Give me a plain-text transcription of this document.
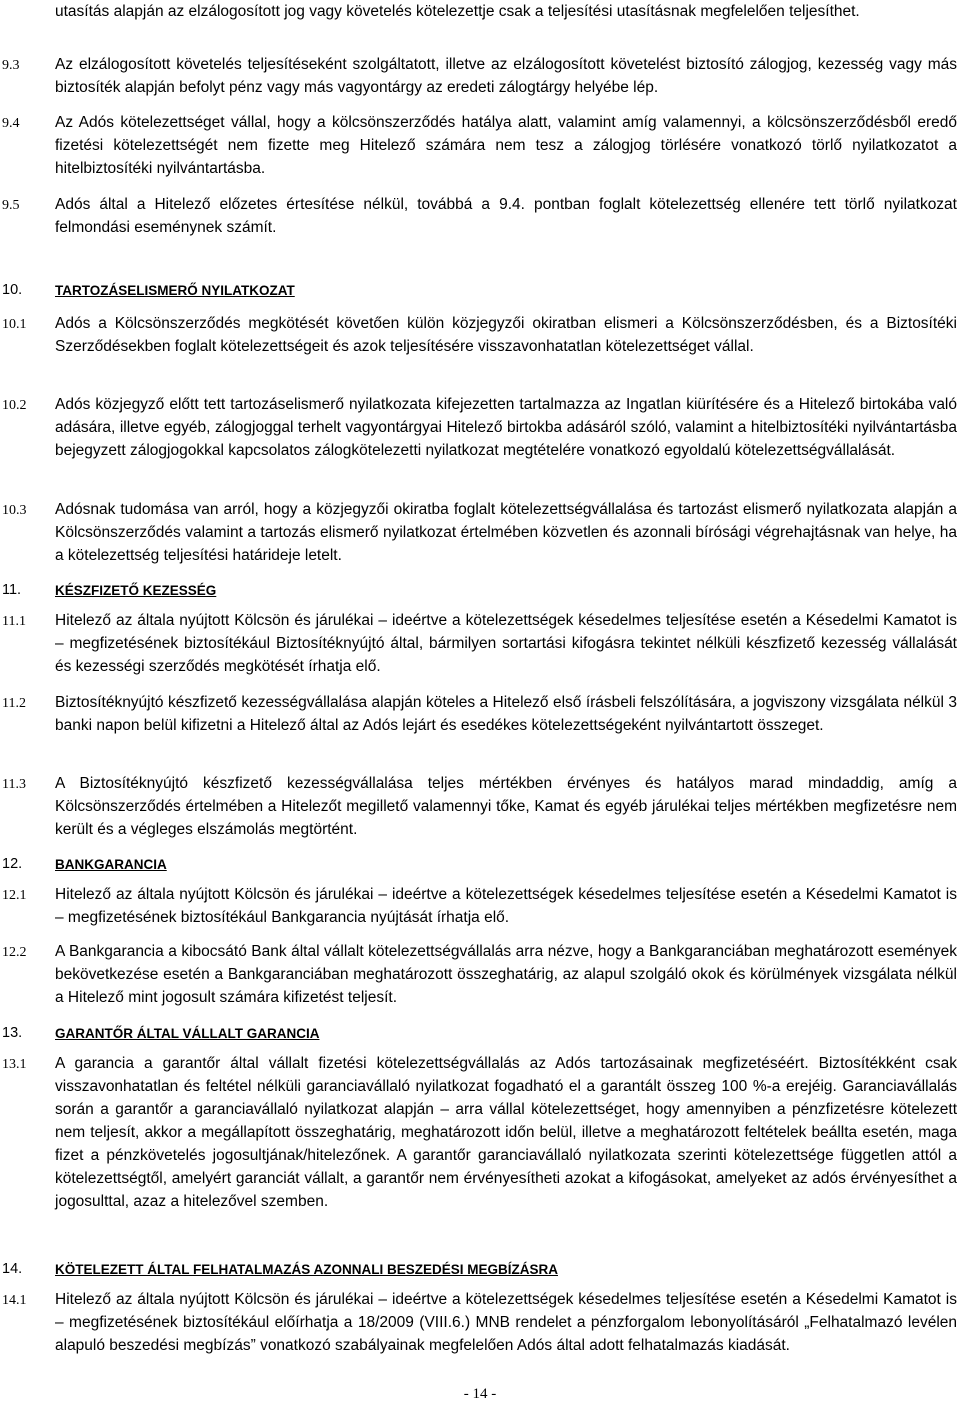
utasítás alapján az elzálogosított jog vagy követelés kötelezettje csak a teljesítési utasításnak megfelelően teljesíthet.
9.3	Az elzálogosított követelés teljesítéseként szolgáltatott, illetve az elzálogosított követelést biztosító zálogjog, kezesség vagy más biztosíték alapján befolyt pénz vagy más vagyontárgy az eredeti zálogtárgy helyébe lép.
9.4	Az Adós kötelezettséget vállal, hogy a kölcsönszerződés hatálya alatt, valamint amíg valamennyi, a kölcsönszerződésből eredő fizetési kötelezettségét nem fizette meg Hitelező számára nem tesz a zálogjog törlésére vonatkozó törlő nyilatkozatot a hitelbiztosítéki nyilvántartásba.
9.5	Adós által a Hitelező előzetes értesítése nélkül, továbbá a 9.4. pontban foglalt kötelezettség ellenére tett törlő nyilatkozat felmondási eseménynek számít.
10.	TARTOZÁSELISMERŐ NYILATKOZAT
10.1	Adós a Kölcsönszerződés megkötését követően külön közjegyzői okiratban elismeri a Kölcsönszerződésben, és a Biztosítéki Szerződésekben foglalt kötelezettségeit és azok teljesítésére visszavonhatatlan kötelezettséget vállal.
10.2	Adós közjegyző előtt tett tartozáselismerő nyilatkozata kifejezetten tartalmazza az Ingatlan kiürítésére és a Hitelező birtokába való adására, illetve egyéb, zálogjoggal terhelt vagyontárgyai Hitelező birtokba adásáról szóló, valamint a hitelbiztosítéki nyilvántartásba bejegyzett zálogjogokkal kapcsolatos zálogkötelezetti nyilatkozat megtételére vonatkozó egyoldalú kötelezettségvállalását.
10.3	Adósnak tudomása van arról, hogy a közjegyzői okiratba foglalt kötelezettségvállalása és tartozást elismerő nyilatkozata alapján a Kölcsönszerződés valamint a tartozás elismerő nyilatkozat értelmében közvetlen és azonnali bírósági végrehajtásnak van helye, ha a kötelezettség teljesítési határideje letelt.
11.	KÉSZFIZETŐ KEZESSÉG
11.1	Hitelező az általa nyújtott Kölcsön és járulékai – ideértve a kötelezettségek késedelmes teljesítése esetén a Késedelmi Kamatot is – megfizetésének biztosítékául Biztosítéknyújtó által, bármilyen sortartási kifogásra tekintet nélküli készfizető kezesség vállalását és kezességi szerződés megkötését írhatja elő.
11.2	Biztosítéknyújtó készfizető kezességvállalása alapján köteles a Hitelező első írásbeli felszólítására, a jogviszony vizsgálata nélkül 3 banki napon belül kifizetni a Hitelező által az Adós lejárt és esedékes kötelezettségeként nyilvántartott összeget.
11.3	A Biztosítéknyújtó készfizető kezességvállalása teljes mértékben érvényes és hatályos marad mindaddig, amíg a Kölcsönszerződés értelmében a Hitelezőt megillető valamennyi tőke, Kamat és egyéb járulékai teljes mértékben megfizetésre nem került és a végleges elszámolás megtörtént.
12.	BANKGARANCIA
12.1	Hitelező az általa nyújtott Kölcsön és járulékai – ideértve a kötelezettségek késedelmes teljesítése esetén a Késedelmi Kamatot is – megfizetésének biztosítékául Bankgarancia nyújtását írhatja elő.
12.2	A Bankgarancia a kibocsátó Bank által vállalt kötelezettségvállalás arra nézve, hogy a Bankgaranciában meghatározott események bekövetkezése esetén a Bankgaranciában meghatározott összeghatárig, az alapul szolgáló okok és körülmények vizsgálata nélkül a Hitelező mint jogosult számára kifizetést teljesít.
13.	GARANTŐR ÁLTAL VÁLLALT GARANCIA
13.1	A garancia a garantőr által vállalt fizetési kötelezettségvállalás az Adós tartozásainak megfizetéséért. Biztosítékként csak visszavonhatatlan és feltétel nélküli garanciavállaló nyilatkozat fogadható el a garantált összeg 100 %-a erejéig. Garanciavállalás során a garantőr a garanciavállaló nyilatkozat alapján – arra vállal kötelezettséget, hogy amennyiben a pénzfizetésre kötelezett nem teljesít, akkor a megállapított összeghatárig, meghatározott időn belül, illetve a meghatározott feltételek beállta esetén, maga fizet a pénzkövetelés jogosultjának/hitelezőnek. A garantőr garanciavállaló nyilatkozata szerinti kötelezettsége független attól a kötelezettségtől, amelyért garanciát vállalt, a garantőr nem érvényesítheti azokat a kifogásokat, amelyeket az adós érvényesíthet a jogosulttal, azaz a hitelezővel szemben.
14.	KÖTELEZETT ÁLTAL FELHATALMAZÁS AZONNALI BESZEDÉSI MEGBÍZÁSRA
14.1	Hitelező az általa nyújtott Kölcsön és járulékai – ideértve a kötelezettségek késedelmes teljesítése esetén a Késedelmi Kamatot is – megfizetésének biztosítékául előírhatja a 18/2009 (VIII.6.) MNB rendelet a pénzforgalom lebonyolításáról „Felhatalmazó levélen alapuló beszedési megbízás” vonatkozó szabályainak megfelelően Adós által adott felhatalmazás kiadását.
- 14 -
